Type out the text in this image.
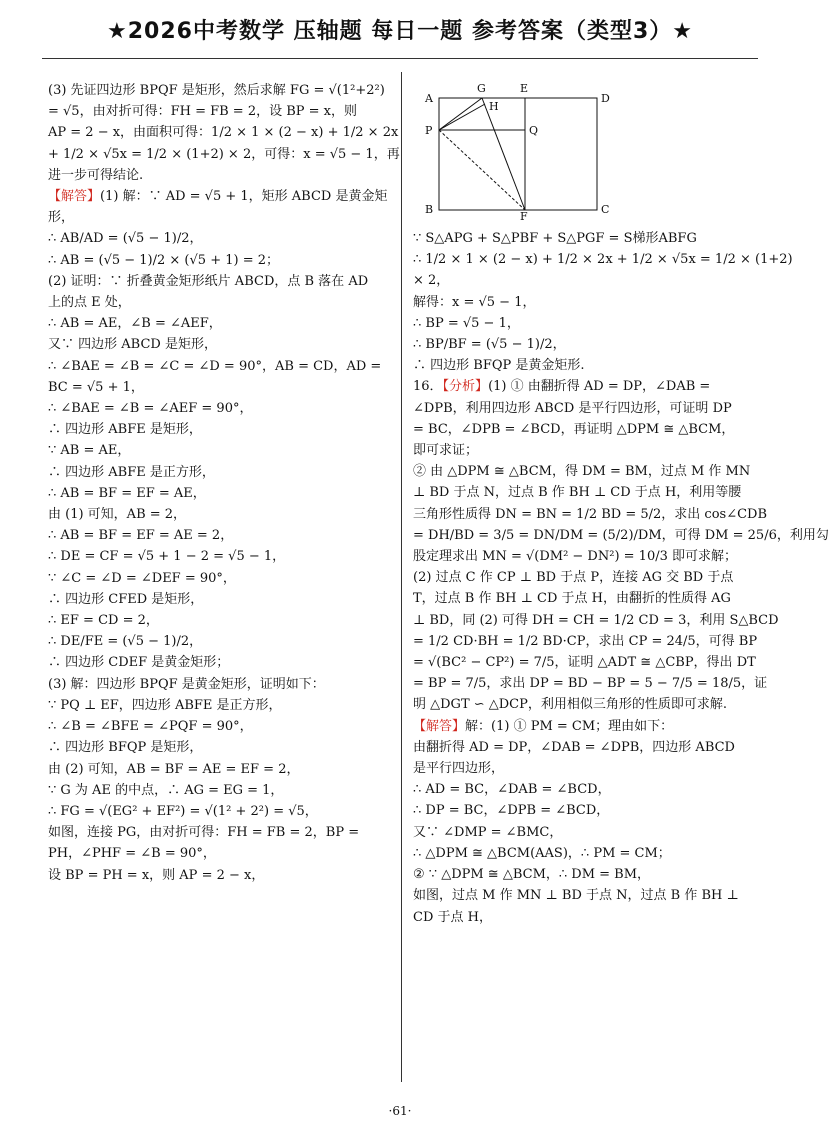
★2026中考数学 压轴题 每日一题 参考答案（类型3）★
(3) 先证四边形 BPQF 是矩形，然后求解 FG = √(1²+2²)
= √5，由对折可得：FH = FB = 2，设 BP = x，则
AP = 2 − x，由面积可得：1/2 × 1 × (2 − x) + 1/2 × 2x
+ 1/2 × √5x = 1/2 × (1+2) × 2，可得：x = √5 − 1，再
进一步可得结论.
【解答】(1) 解：∵ AD = √5 + 1，矩形 ABCD 是黄金矩
形，
∴ AB/AD = (√5 − 1)/2，
∴ AB = (√5 − 1)/2 × (√5 + 1) = 2；
(2) 证明：∵ 折叠黄金矩形纸片 ABCD，点 B 落在 AD
上的点 E 处，
∴ AB = AE，∠B = ∠AEF，
又∵ 四边形 ABCD 是矩形，
∴ ∠BAE = ∠B = ∠C = ∠D = 90°，AB = CD，AD =
BC = √5 + 1，
∴ ∠BAE = ∠B = ∠AEF = 90°，
∴ 四边形 ABFE 是矩形，
∵ AB = AE，
∴ 四边形 ABFE 是正方形，
∴ AB = BF = EF = AE，
由 (1) 可知，AB = 2，
∴ AB = BF = EF = AE = 2，
∴ DE = CF = √5 + 1 − 2 = √5 − 1，
∵ ∠C = ∠D = ∠DEF = 90°，
∴ 四边形 CFED 是矩形，
∴ EF = CD = 2，
∴ DE/FE = (√5 − 1)/2，
∴ 四边形 CDEF 是黄金矩形；
(3) 解：四边形 BPQF 是黄金矩形，证明如下：
∵ PQ ⊥ EF，四边形 ABFE 是正方形，
∴ ∠B = ∠BFE = ∠PQF = 90°，
∴ 四边形 BFQP 是矩形，
由 (2) 可知，AB = BF = AE = EF = 2，
∵ G 为 AE 的中点，∴ AG = EG = 1，
∴ FG = √(EG² + EF²) = √(1² + 2²) = √5，
如图，连接 PG，由对折可得：FH = FB = 2，BP =
PH，∠PHF = ∠B = 90°，
设 BP = PH = x，则 AP = 2 − x，
G	E
A	D
H
P	Q
B
F
C
∵ S△APG + S△PBF + S△PGF = S梯形ABFG
∴ 1/2 × 1 × (2 − x) + 1/2 × 2x + 1/2 × √5x = 1/2 × (1+2)
× 2，
解得：x = √5 − 1，
∴ BP = √5 − 1，
∴ BP/BF = (√5 − 1)/2，
∴ 四边形 BFQP 是黄金矩形.
16．【分析】(1) ① 由翻折得 AD = DP，∠DAB =
∠DPB，利用四边形 ABCD 是平行四边形，可证明 DP
= BC，∠DPB = ∠BCD，再证明 △DPM ≅ △BCM，
即可求证；
② 由 △DPM ≅ △BCM，得 DM = BM，过点 M 作 MN
⊥ BD 于点 N，过点 B 作 BH ⊥ CD 于点 H，利用等腰
三角形性质得 DN = BN = 1/2 BD = 5/2，求出 cos∠CDB
= DH/BD = 3/5 = DN/DM = (5/2)/DM，可得 DM = 25/6，利用勾
股定理求出 MN = √(DM² − DN²) = 10/3 即可求解；
(2) 过点 C 作 CP ⊥ BD 于点 P，连接 AG 交 BD 于点
T，过点 B 作 BH ⊥ CD 于点 H，由翻折的性质得 AG
⊥ BD，同 (2) 可得 DH = CH = 1/2 CD = 3，利用 S△BCD
= 1/2 CD·BH = 1/2 BD·CP，求出 CP = 24/5，可得 BP
= √(BC² − CP²) = 7/5，证明 △ADT ≅ △CBP，得出 DT
= BP = 7/5，求出 DP = BD − BP = 5 − 7/5 = 18/5，证
明 △DGT ∽ △DCP，利用相似三角形的性质即可求解.
【解答】解：(1) ① PM = CM；理由如下：
由翻折得 AD = DP，∠DAB = ∠DPB，四边形 ABCD
是平行四边形，
∴ AD = BC，∠DAB = ∠BCD，
∴ DP = BC，∠DPB = ∠BCD，
又∵ ∠DMP = ∠BMC，
∴ △DPM ≅ △BCM(AAS)，∴ PM = CM；
② ∵ △DPM ≅ △BCM，∴ DM = BM，
如图，过点 M 作 MN ⊥ BD 于点 N，过点 B 作 BH ⊥
CD 于点 H，
·61·
